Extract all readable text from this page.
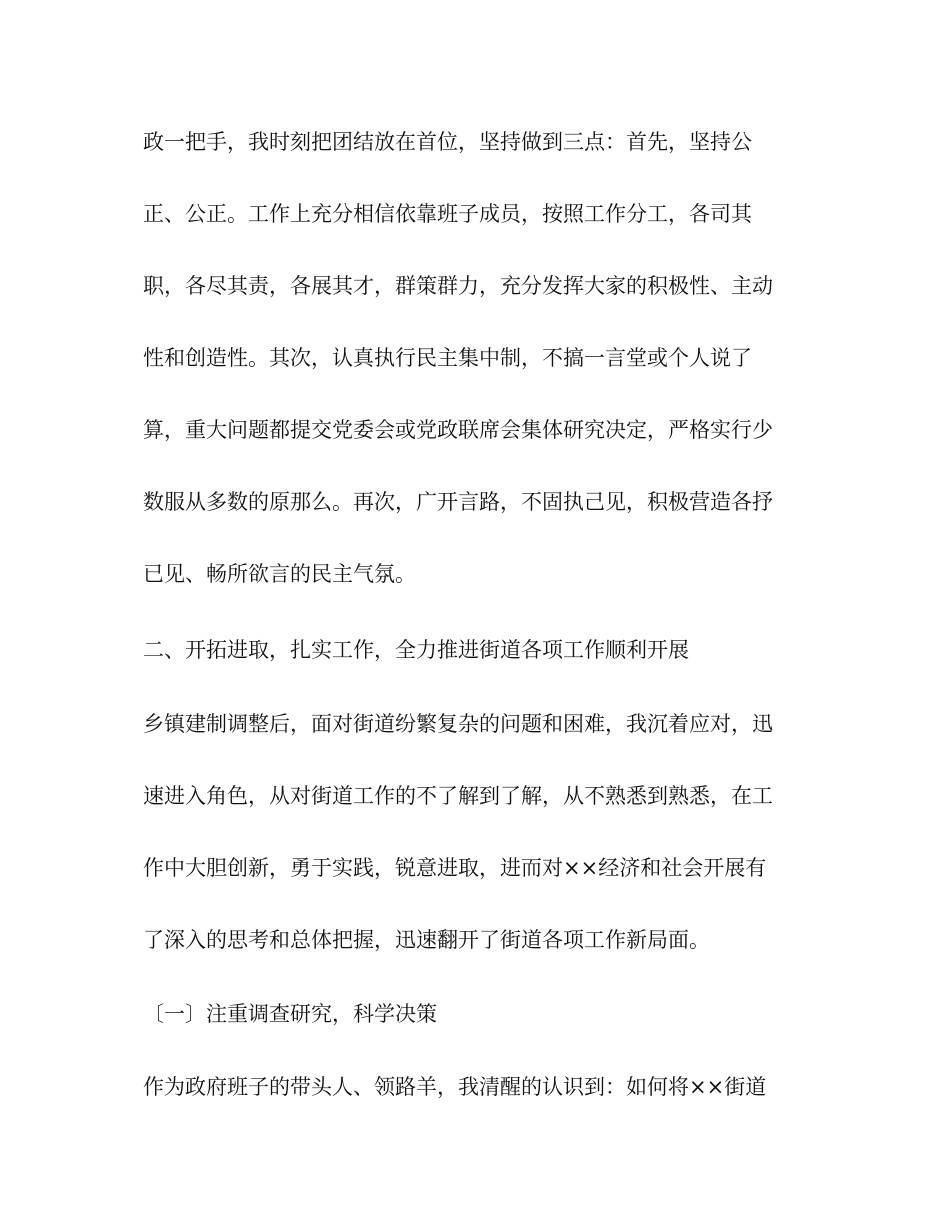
政一把手，我时刻把团结放在首位，坚持做到三点：首先，坚持公

正、公正。工作上充分相信依靠班子成员，按照工作分工，各司其

职，各尽其责，各展其才，群策群力，充分发挥大家的积极性、主动

性和创造性。其次，认真执行民主集中制，不搞一言堂或个人说了

算，重大问题都提交党委会或党政联席会集体研究决定，严格实行少

数服从多数的原那么。再次，广开言路，不固执己见，积极营造各抒

已见、畅所欲言的民主气氛。

二、开拓进取，扎实工作，全力推进街道各项工作顺利开展

乡镇建制调整后，面对街道纷繁复杂的问题和困难，我沉着应对，迅

速进入角色，从对街道工作的不了解到了解，从不熟悉到熟悉，在工

作中大胆创新，勇于实践，锐意进取，进而对××经济和社会开展有

了深入的思考和总体把握，迅速翻开了街道各项工作新局面。

〔一〕注重调查研究，科学决策

作为政府班子的带头人、领路羊，我清醒的认识到：如何将××街道
